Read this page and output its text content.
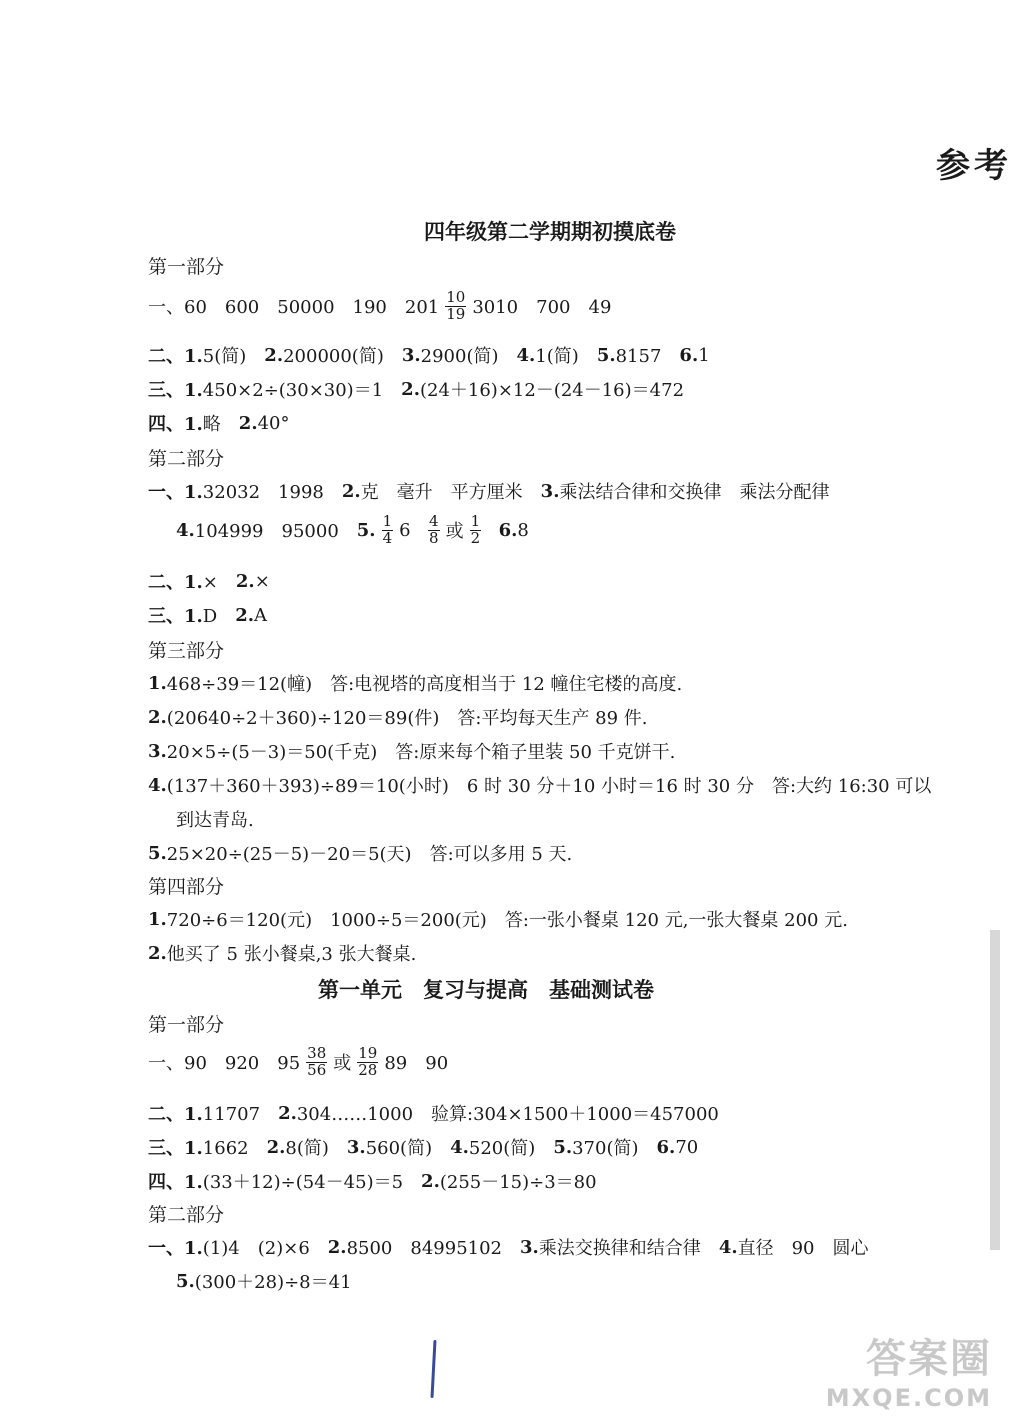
参考
四年级第二学期期初摸底卷
第一部分
一、60　600　50000　190　$201 \frac{10}{19} 3010$　700　49
二、1. 5(简)　 2. 200000(简)　 3. 2900(简)　 4. 1(简)　 5. 8157　 6. 1
三、1. 450×2÷(30×30)＝1　 2. (24＋16)×12－(24－16)＝472
四、1. 略　 2. 40°
第二部分
一、1. 32032　1998　 2. 克　毫升　平方厘米　 3. 乘法结合律和交换律　乘法分配律
4. 104999　95000　 5. $\frac{1}{4} 6$
$\frac{4}{8}$ 或 $\frac{1}{2}$
6. 8
二、1. ×　 2. ×
三、1. D　 2. A
第三部分
1. 468÷39＝12(幢)　答:电视塔的高度相当于 12 幢住宅楼的高度.
2. (20640÷2＋360)÷120＝89(件)　答:平均每天生产 89 件.
3. 20×5÷(5－3)＝50(千克)　答:原来每个箱子里装 50 千克饼干.
4. (137＋360＋393)÷89＝10(小时)　6 时 30 分＋10 小时＝16 时 30 分　答:大约 16:30 可以
到达青岛.
5. 25×20÷(25－5)－20＝5(天)　答:可以多用 5 天.
第四部分
1. 720÷6＝120(元)　1000÷5＝200(元)　答:一张小餐桌 120 元,一张大餐桌 200 元.
2. 他买了 5 张小餐桌,3 张大餐桌.
第一单元　复习与提高　基础测试卷
第一部分
一、90　920　$95 \frac{38}{56}$ 或 $\frac{19}{28} 89$　90
二、1. 11707　 2. 304……1000　验算:304×1500＋1000＝457000
三、1. 1662　 2. 8(简)　 3. 560(简)　 4. 520(简)　 5. 370(简)　 6. 70
四、1. (33＋12)÷(54－45)＝5　 2. (255－15)÷3＝80
第二部分
一、1. (1)4　(2)×6　 2. 8500　84995102　 3. 乘法交换律和结合律　 4. 直径　90　圆心
5. (300＋28)÷8＝41
答案圈
MXQE.COM
